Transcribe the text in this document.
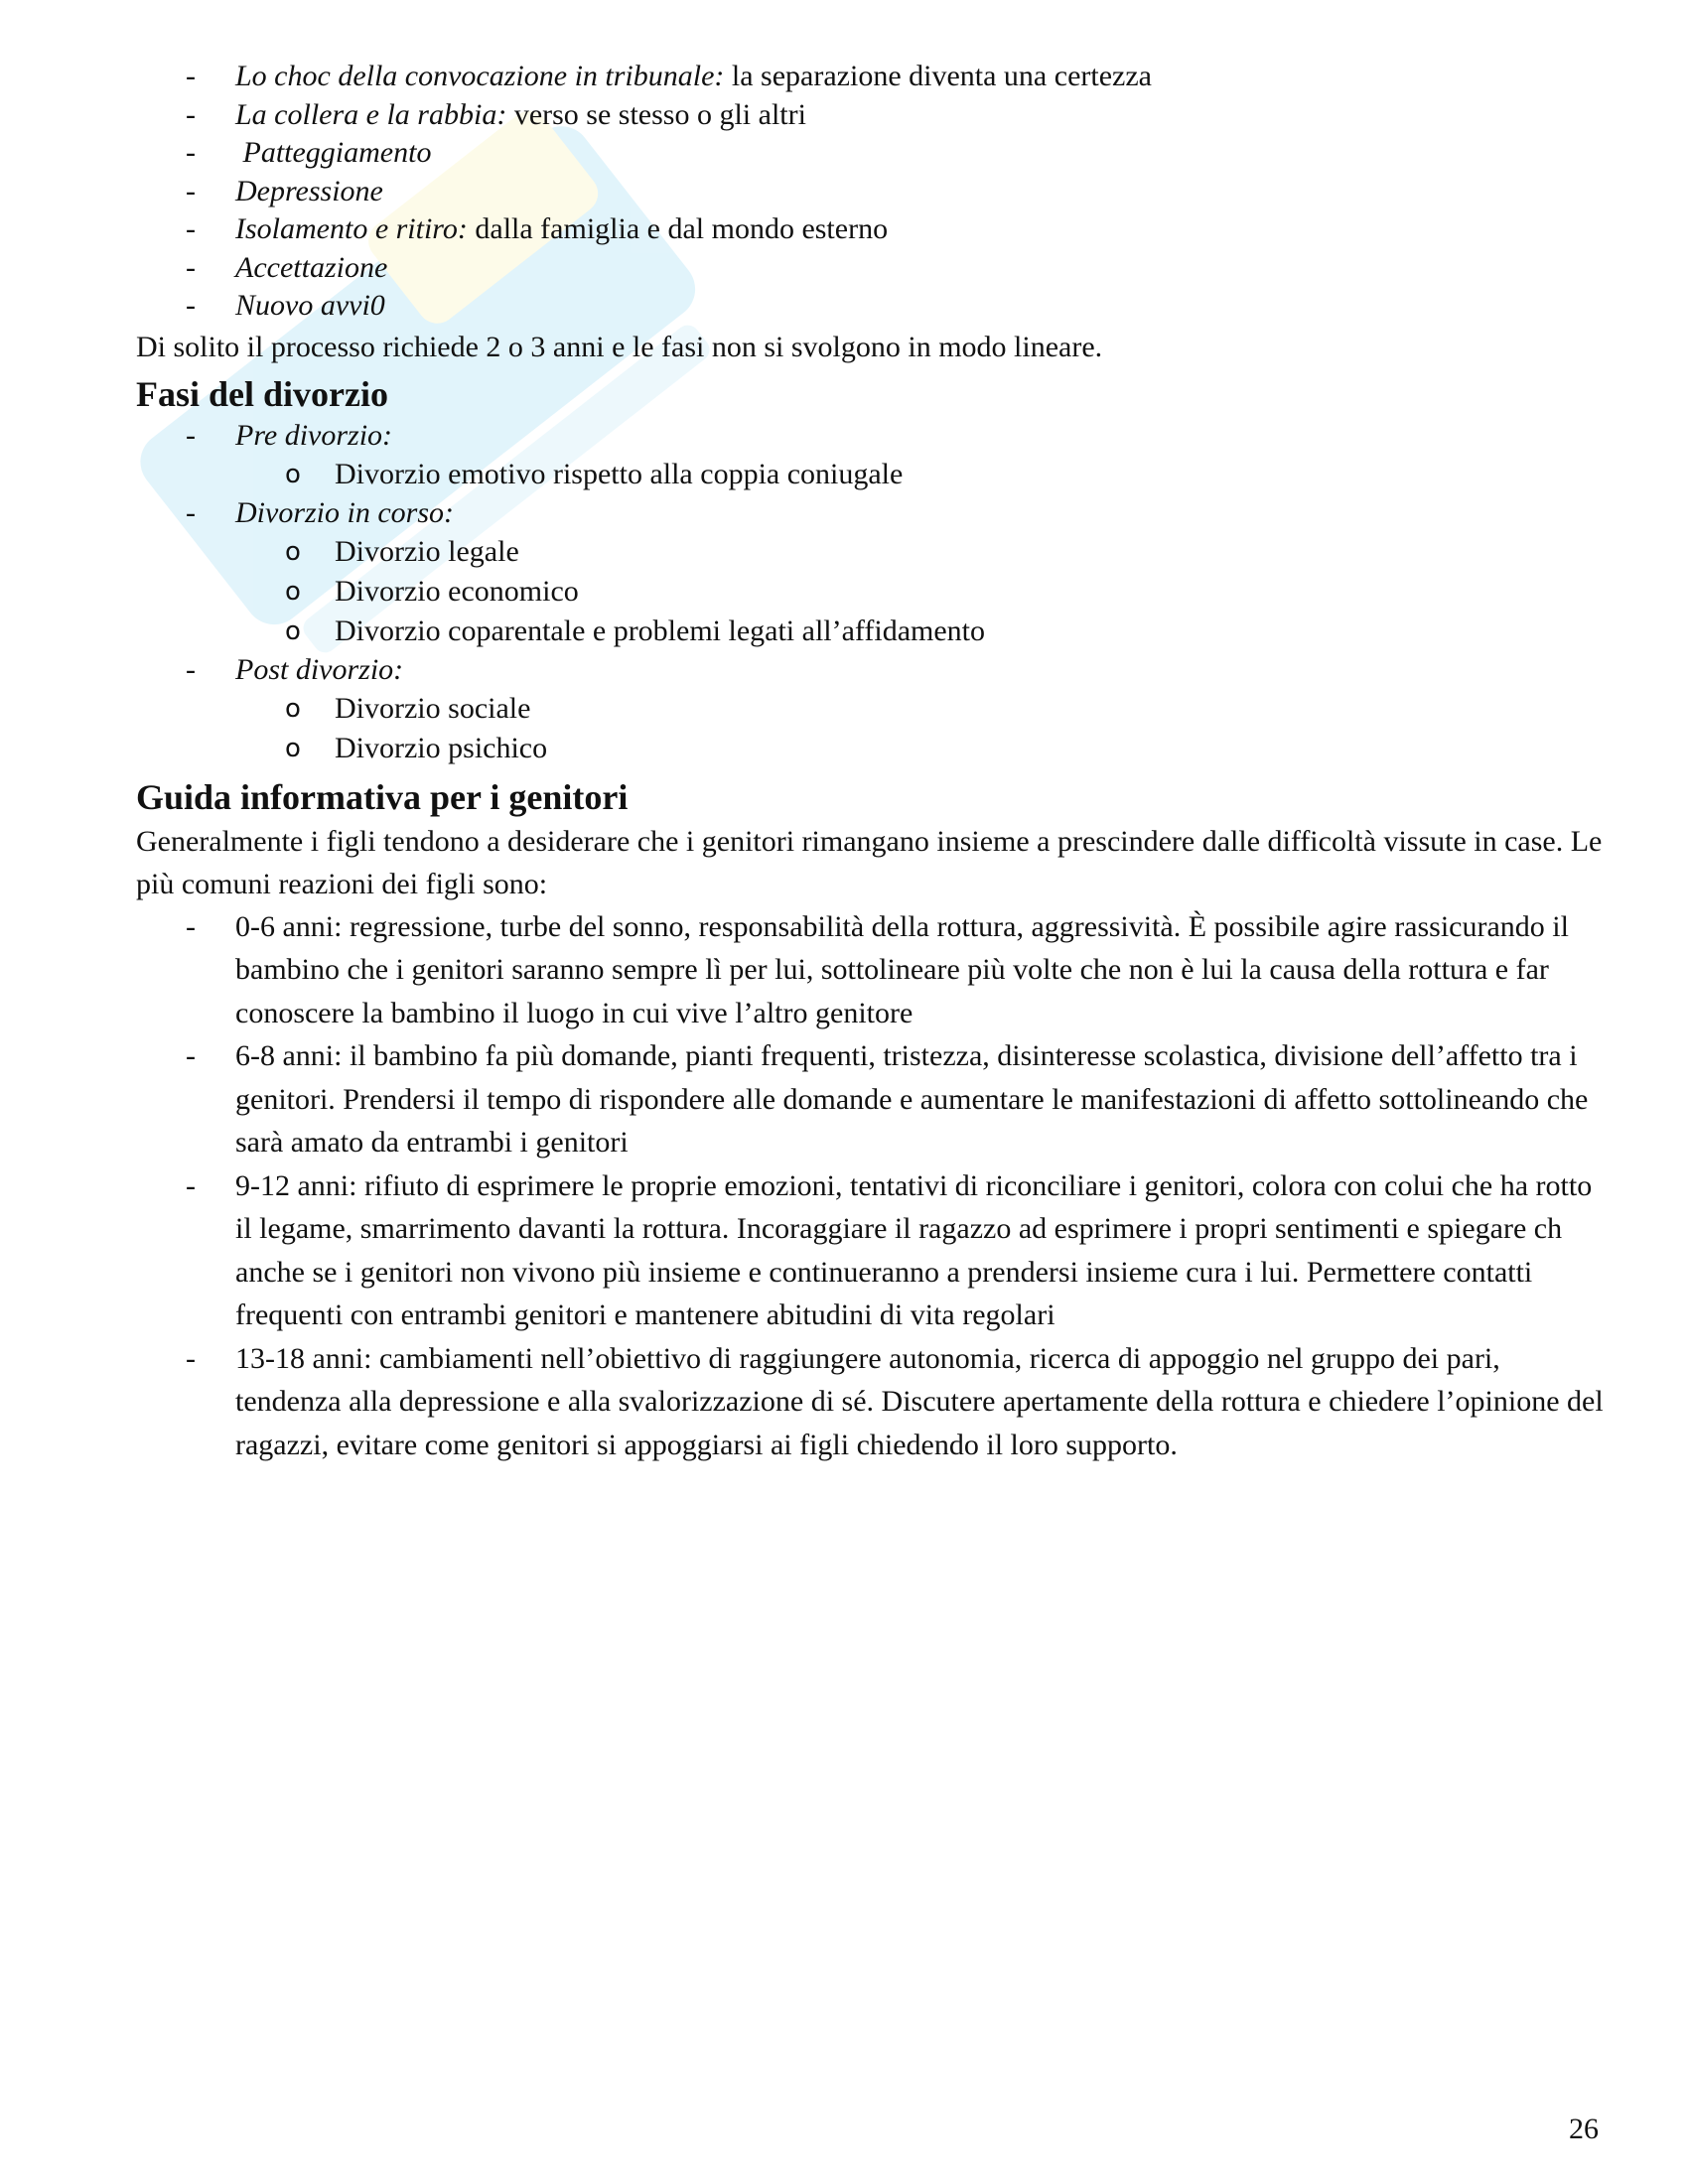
- Lo choc della convocazione in tribunale: la separazione diventa una certezza
- La collera e la rabbia: verso se stesso o gli altri
- Patteggiamento
- Depressione
- Isolamento e ritiro: dalla famiglia e dal mondo esterno
- Accettazione
- Nuovo avvi0

Di solito il processo richiede 2 o 3 anni e le fasi non si svolgono in modo lineare.

Fasi del divorzio
- Pre divorzio:
o Divorzio emotivo rispetto alla coppia coniugale
- Divorzio in corso:
o Divorzio legale
o Divorzio economico
o Divorzio coparentale e problemi legati all’affidamento
- Post divorzio:
o Divorzio sociale
o Divorzio psichico
Guida informativa per i genitori

Generalmente i figli tendono a desiderare che i genitori rimangano insieme a prescindere dalle difficoltà vissute in case. Le più comuni reazioni dei figli sono:

- 0-6 anni: regressione, turbe del sonno, responsabilità della rottura, aggressività. È possibile agire rassicurando il bambino che i genitori saranno sempre lì per lui, sottolineare più volte che non è lui la causa della rottura e far conoscere la bambino il luogo in cui vive l’altro genitore
- 6-8 anni: il bambino fa più domande, pianti frequenti, tristezza, disinteresse scolastica, divisione dell’affetto tra i genitori. Prendersi il tempo di rispondere alle domande e aumentare le manifestazioni di affetto sottolineando che sarà amato da entrambi i genitori
- 9-12 anni: rifiuto di esprimere le proprie emozioni, tentativi di riconciliare i genitori, colora con colui che ha rotto il legame, smarrimento davanti la rottura. Incoraggiare il ragazzo ad esprimere i propri sentimenti e spiegare ch anche se i genitori non vivono più insieme e continueranno a prendersi insieme cura i lui. Permettere contatti frequenti con entrambi genitori e mantenere abitudini di vita regolari
- 13-18 anni: cambiamenti nell’obiettivo di raggiungere autonomia, ricerca di appoggio nel gruppo dei pari, tendenza alla depressione e alla svalorizzazione di sé. Discutere apertamente della rottura e chiedere l’opinione del ragazzi, evitare come genitori si appoggiarsi ai figli chiedendo il loro supporto.
26
